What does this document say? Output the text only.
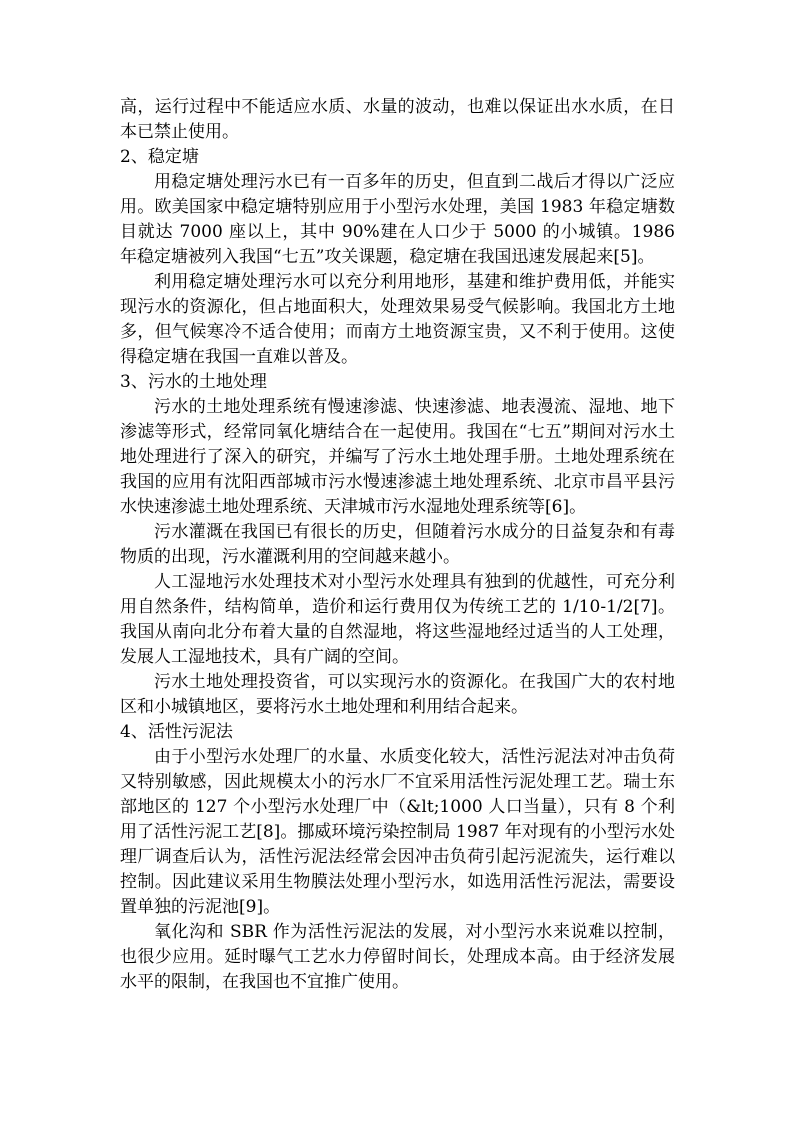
高，运行过程中不能适应水质、水量的波动，也难以保证出水水质，在日本已禁止使用。

2、稳定塘

用稳定塘处理污水已有一百多年的历史，但直到二战后才得以广泛应用。欧美国家中稳定塘特别应用于小型污水处理，美国 1983 年稳定塘数目就达 7000 座以上，其中 90%建在人口少于 5000 的小城镇。1986 年稳定塘被列入我国“七五”攻关课题，稳定塘在我国迅速发展起来[5]。

利用稳定塘处理污水可以充分利用地形，基建和维护费用低，并能实现污水的资源化，但占地面积大，处理效果易受气候影响。我国北方土地多，但气候寒冷不适合使用；而南方土地资源宝贵，又不利于使用。这使得稳定塘在我国一直难以普及。

3、污水的土地处理

污水的土地处理系统有慢速渗滤、快速渗滤、地表漫流、湿地、地下渗滤等形式，经常同氧化塘结合在一起使用。我国在“七五”期间对污水土地处理进行了深入的研究，并编写了污水土地处理手册。土地处理系统在我国的应用有沈阳西部城市污水慢速渗滤土地处理系统、北京市昌平县污水快速渗滤土地处理系统、天津城市污水湿地处理系统等[6]。

污水灌溉在我国已有很长的历史，但随着污水成分的日益复杂和有毒物质的出现，污水灌溉利用的空间越来越小。

人工湿地污水处理技术对小型污水处理具有独到的优越性，可充分利用自然条件，结构简单，造价和运行费用仅为传统工艺的 1/10-1/2[7]。我国从南向北分布着大量的自然湿地，将这些湿地经过适当的人工处理，发展人工湿地技术，具有广阔的空间。

污水土地处理投资省，可以实现污水的资源化。在我国广大的农村地区和小城镇地区，要将污水土地处理和利用结合起来。

4、活性污泥法

由于小型污水处理厂的水量、水质变化较大，活性污泥法对冲击负荷又特别敏感，因此规模太小的污水厂不宜采用活性污泥处理工艺。瑞士东部地区的 127 个小型污水处理厂中（&lt;1000 人口当量），只有 8 个利用了活性污泥工艺[8]。挪威环境污染控制局 1987 年对现有的小型污水处理厂调查后认为，活性污泥法经常会因冲击负荷引起污泥流失，运行难以控制。因此建议采用生物膜法处理小型污水，如选用活性污泥法，需要设置单独的污泥池[9]。

氧化沟和 SBR 作为活性污泥法的发展，对小型污水来说难以控制，也很少应用。延时曝气工艺水力停留时间长，处理成本高。由于经济发展水平的限制，在我国也不宜推广使用。
